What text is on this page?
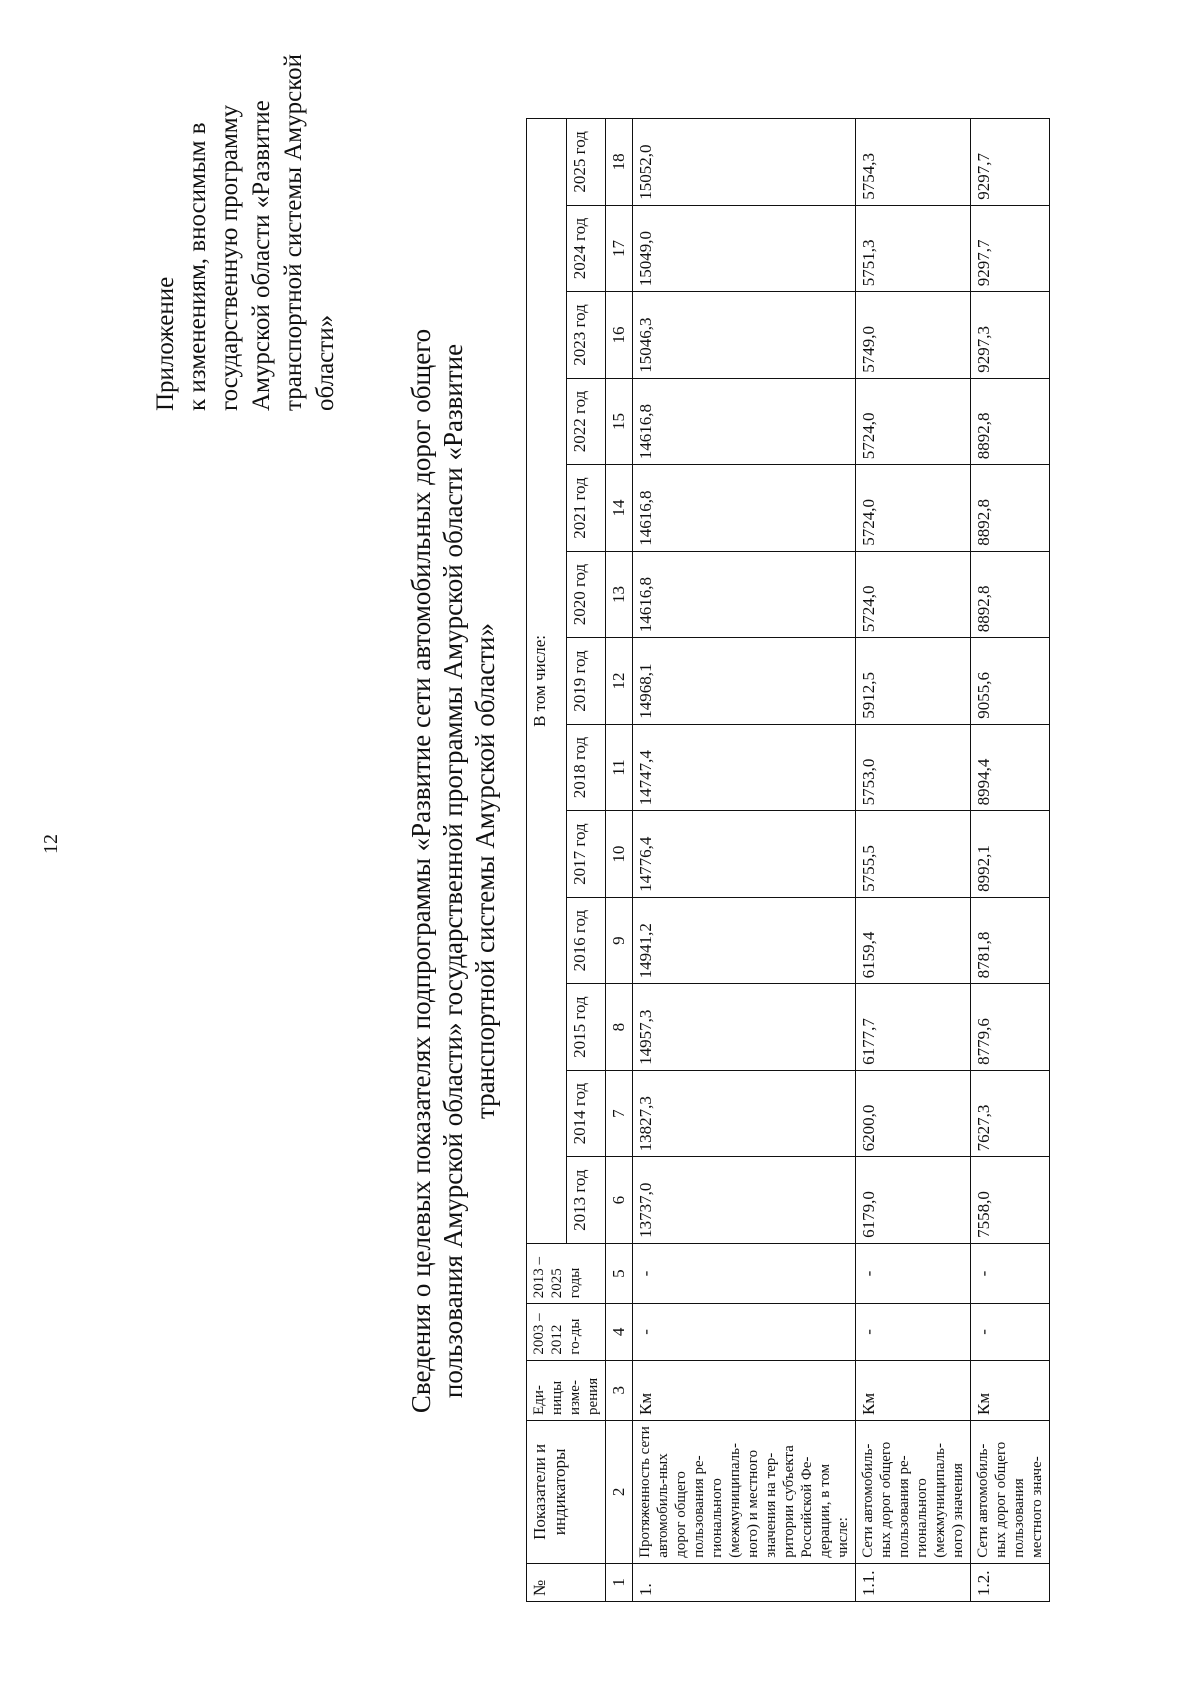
12
Приложение к изменениям, вносимым в государственную программу Амурской области «Развитие транспортной системы Амурской области» Сведения о целевых показателях подпрограммы «Развитие сети автомобильных дорог общего пользования Амурской области» государственной программы Амурской области «Развитие транспортной системы Амурской области»
№	Показатели и индикаторы	Еди-ницы изме-рения	2003 – 2012 го-ды	2013 – 2025 годы	В том числе:												
					2013 год	2014 год	2015 год	2016 год	2017 год	2018 год	2019 год	2020 год	2021 год	2022 год	2023 год	2024 год	2025 год
1	2	3	4	5	6	7	8	9	10	11	12	13	14	15	16	17	18
1.	Протяженность сети автомобиль-ных дорог общего пользования ре-гионального (межмуниципаль-ного) и местного значения на тер-ритории субъекта Российской Фе-дерации, в том числе:	Км	-	-	13737,0	13827,3	14957,3	14941,2	14776,4	14747,4	14968,1	14616,8	14616,8	14616,8	15046,3	15049,0	15052,0
1.1.	Сети автомобиль-ных дорог общего пользования ре-гионального (межмуниципаль-ного) значения	Км	-	-	6179,0	6200,0	6177,7	6159,4	5755,5	5753,0	5912,5	5724,0	5724,0	5724,0	5749,0	5751,3	5754,3
1.2.	Сети автомобиль-ных дорог общего пользования местного значе-	Км	-	-	7558,0	7627,3	8779,6	8781,8	8992,1	8994,4	9055,6	8892,8	8892,8	8892,8	9297,3	9297,7	9297,7
